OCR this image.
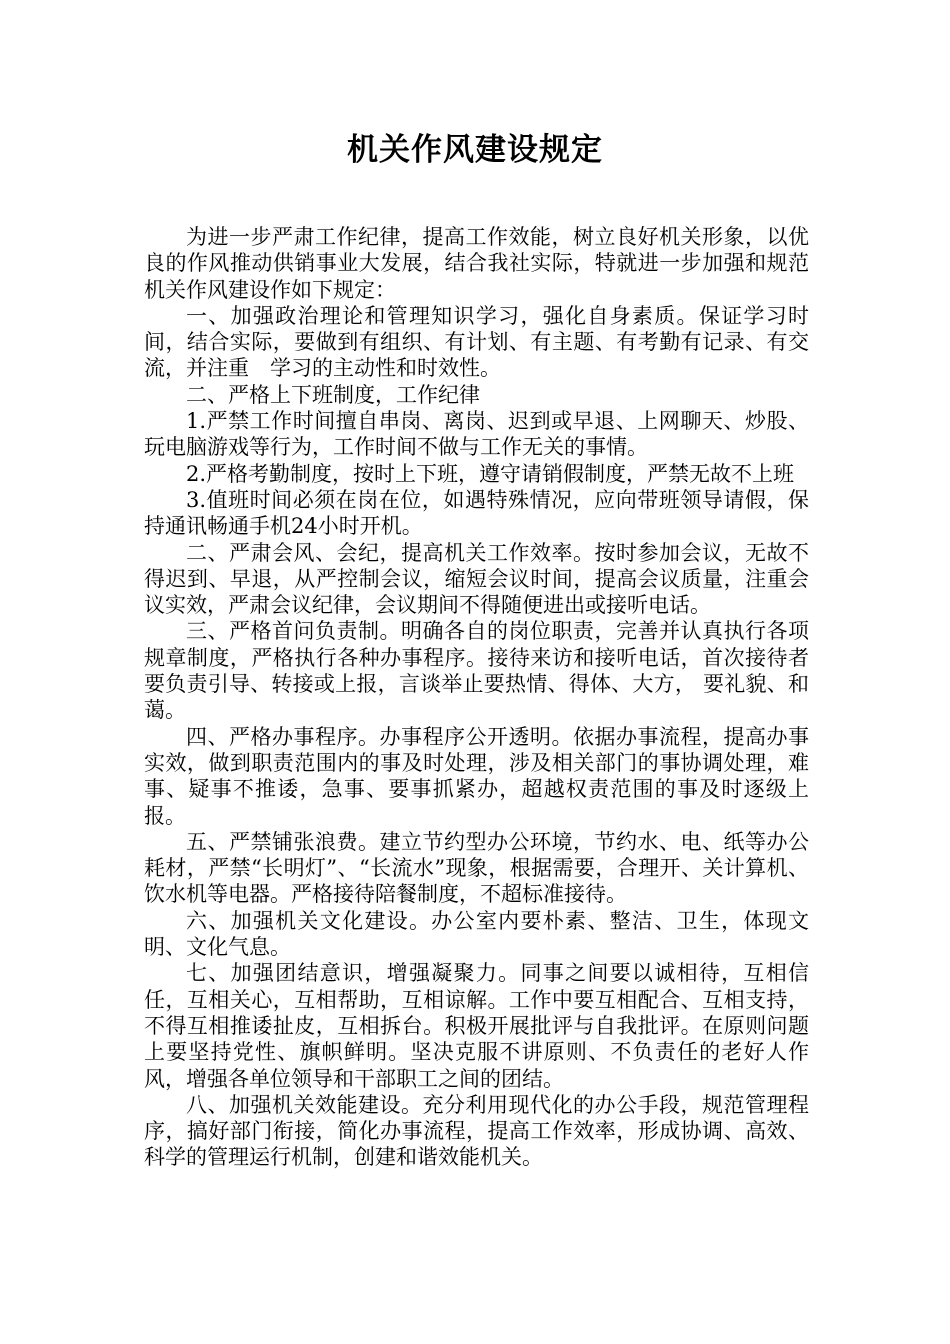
机关作风建设规定

为进一步严肃工作纪律，提高工作效能，树立良好机关形象，以优良的作风推动供销事业大发展，结合我社实际，特就进一步加强和规范机关作风建设作如下规定：

一、加强政治理论和管理知识学习，强化自身素质。保证学习时间，结合实际，要做到有组织、有计划、有主题、有考勤有记录、有交流，并注重　学习的主动性和时效性。

二、严格上下班制度，工作纪律

1.严禁工作时间擅自串岗、离岗、迟到或早退、上网聊天、炒股、玩电脑游戏等行为，工作时间不做与工作无关的事情。

2.严格考勤制度，按时上下班，遵守请销假制度，严禁无故不上班

3.值班时间必须在岗在位，如遇特殊情况，应向带班领导请假，保持通讯畅通手机24小时开机。

二、严肃会风、会纪，提高机关工作效率。按时参加会议，无故不得迟到、早退，从严控制会议，缩短会议时间，提高会议质量，注重会议实效，严肃会议纪律，会议期间不得随便进出或接听电话。

三、严格首问负责制。明确各自的岗位职责，完善并认真执行各项规章制度，严格执行各种办事程序。接待来访和接听电话，首次接待者要负责引导、转接或上报，言谈举止要热情、得体、大方， 要礼貌、和蔼。

四、严格办事程序。办事程序公开透明。依据办事流程，提高办事实效，做到职责范围内的事及时处理，涉及相关部门的事协调处理，难事、疑事不推诿，急事、要事抓紧办，超越权责范围的事及时逐级上报。

五、严禁铺张浪费。建立节约型办公环境，节约水、电、纸等办公耗材，严禁“长明灯”、“长流水”现象，根据需要，合理开、关计算机、饮水机等电器。严格接待陪餐制度，不超标准接待。

六、加强机关文化建设。办公室内要朴素、整洁、卫生，体现文明、文化气息。

七、加强团结意识，增强凝聚力。同事之间要以诚相待，互相信任，互相关心，互相帮助，互相谅解。工作中要互相配合、互相支持，不得互相推诿扯皮，互相拆台。积极开展批评与自我批评。在原则问题上要坚持党性、旗帜鲜明。坚决克服不讲原则、不负责任的老好人作风，增强各单位领导和干部职工之间的团结。

八、加强机关效能建设。充分利用现代化的办公手段，规范管理程序，搞好部门衔接，简化办事流程，提高工作效率，形成协调、高效、科学的管理运行机制，创建和谐效能机关。
